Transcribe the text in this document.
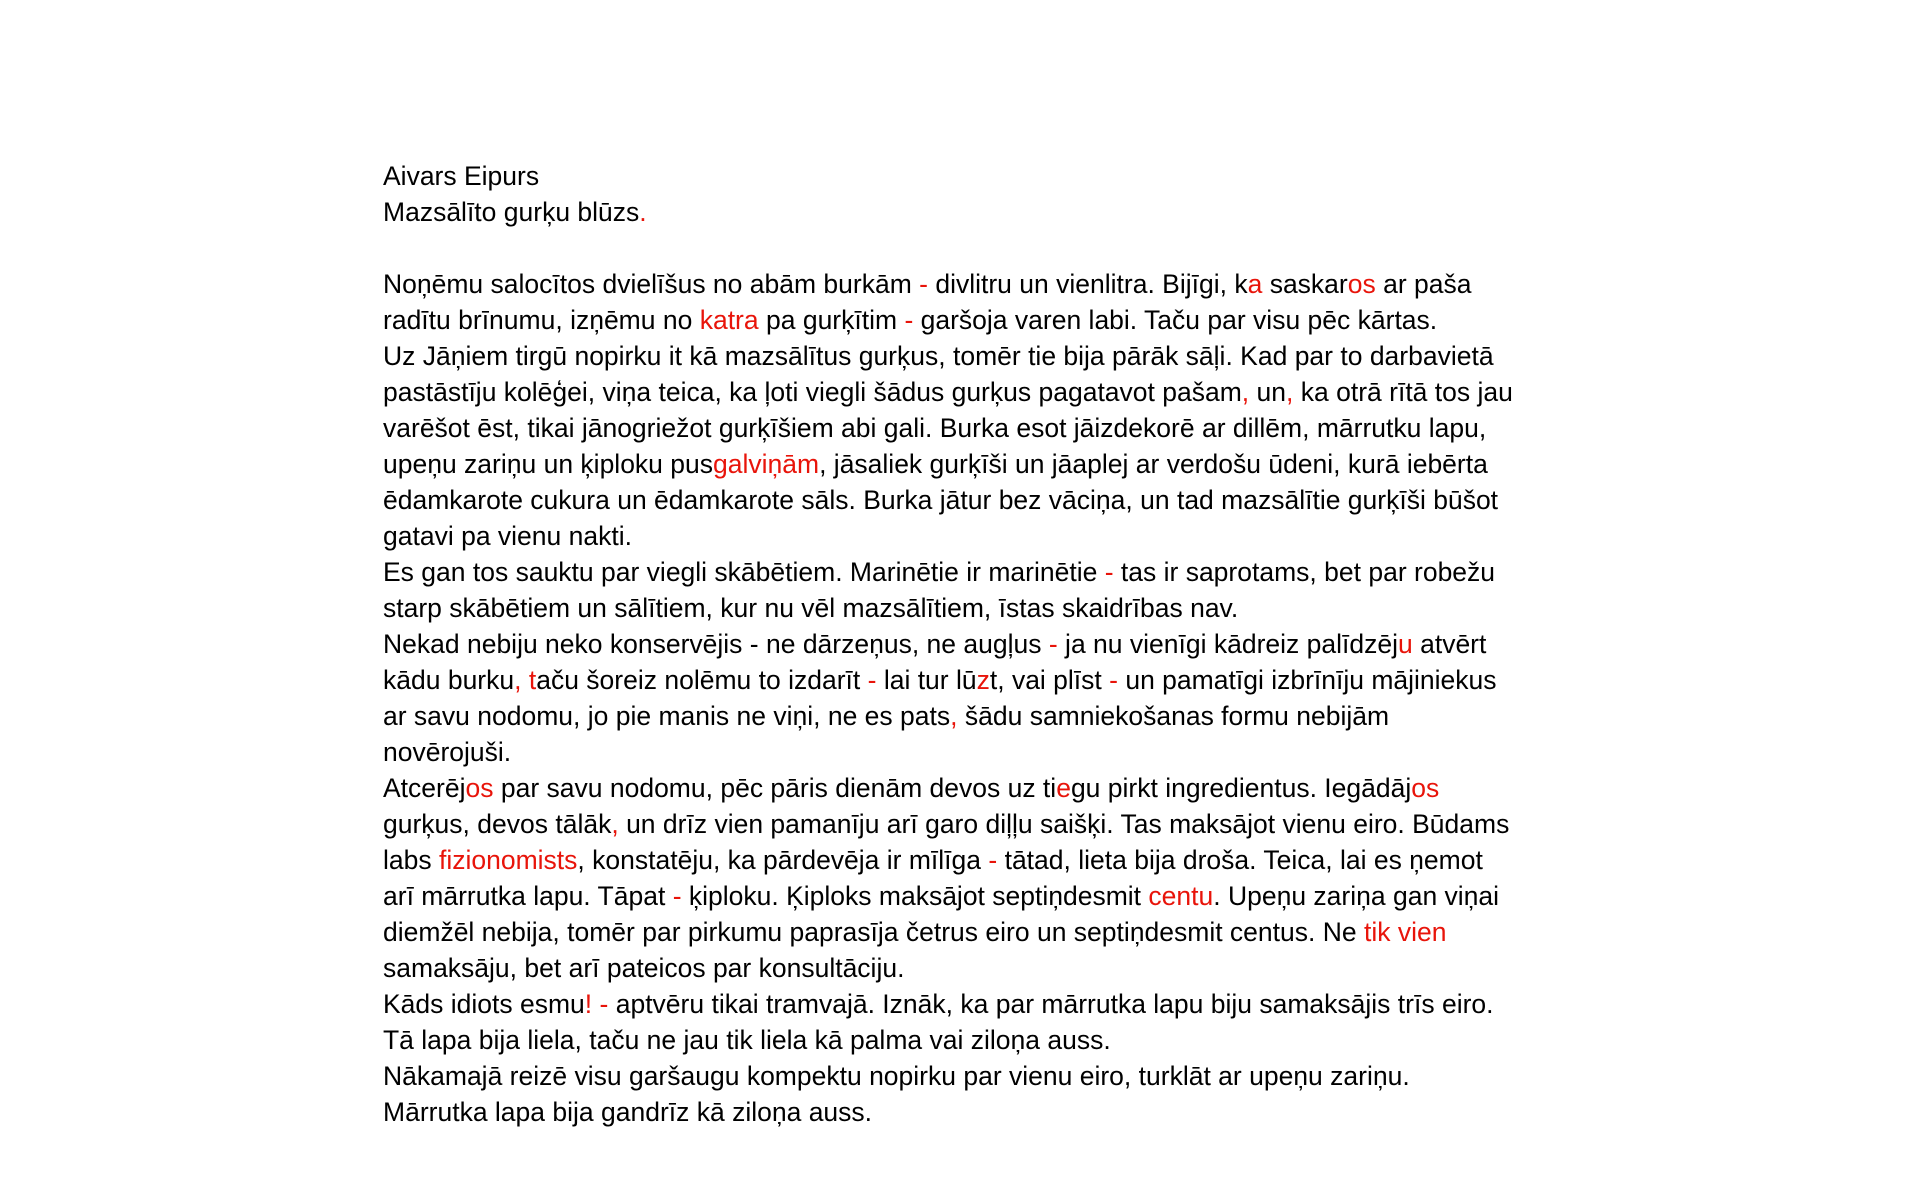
Aivars Eipurs
Mazsālīto gurķu blūzs.
Noņēmu salocītos dvielīšus no abām burkām - divlitru un vienlitra. Bijīgi, ka saskaros ar paša
radītu brīnumu, izņēmu no katra pa gurķītim - garšoja varen labi. Taču par visu pēc kārtas.
Uz Jāņiem tirgū nopirku it kā mazsālītus gurķus, tomēr tie bija pārāk sāļi. Kad par to darbavietā
pastāstīju kolēģei, viņa teica, ka ļoti viegli šādus gurķus pagatavot pašam, un, ka otrā rītā tos jau
varēšot ēst, tikai jānogriežot gurķīšiem abi gali. Burka esot jāizdekorē ar dillēm, mārrutku lapu,
upeņu zariņu un ķiploku pusgalviņām, jāsaliek gurķīši un jāaplej ar verdošu ūdeni, kurā iebērta
ēdamkarote cukura un ēdamkarote sāls. Burka jātur bez vāciņa, un tad mazsālītie gurķīši būšot
gatavi pa vienu nakti.
Es gan tos sauktu par viegli skābētiem. Marinētie ir marinētie - tas ir saprotams, bet par robežu
starp skābētiem un sālītiem, kur nu vēl mazsālītiem, īstas skaidrības nav.
Nekad nebiju neko konservējis - ne dārzeņus, ne augļus - ja nu vienīgi kādreiz palīdzēju atvērt
kādu burku, taču šoreiz nolēmu to izdarīt - lai tur lūzt, vai plīst - un pamatīgi izbrīnīju mājiniekus
ar savu nodomu, jo pie manis ne viņi, ne es pats, šādu samniekošanas formu nebijām
novērojuši.
Atcerējos par savu nodomu, pēc pāris dienām devos uz tiegu pirkt ingredientus. Iegādājos
gurķus, devos tālāk, un drīz vien pamanīju arī garo diļļu saišķi. Tas maksājot vienu eiro. Būdams
labs fizionomists, konstatēju, ka pārdevēja ir mīlīga - tātad, lieta bija droša. Teica, lai es ņemot
arī mārrutka lapu. Tāpat - ķiploku. Ķiploks maksājot septiņdesmit centu. Upeņu zariņa gan viņai
diemžēl nebija, tomēr par pirkumu paprasīja četrus eiro un septiņdesmit centus. Ne tik vien
samaksāju, bet arī pateicos par konsultāciju.
Kāds idiots esmu! - aptvēru tikai tramvajā. Iznāk, ka par mārrutka lapu biju samaksājis trīs eiro.
Tā lapa bija liela, taču ne jau tik liela kā palma vai ziloņa auss.
Nākamajā reizē visu garšaugu kompektu nopirku par vienu eiro, turklāt ar upeņu zariņu.
Mārrutka lapa bija gandrīz kā ziloņa auss.
